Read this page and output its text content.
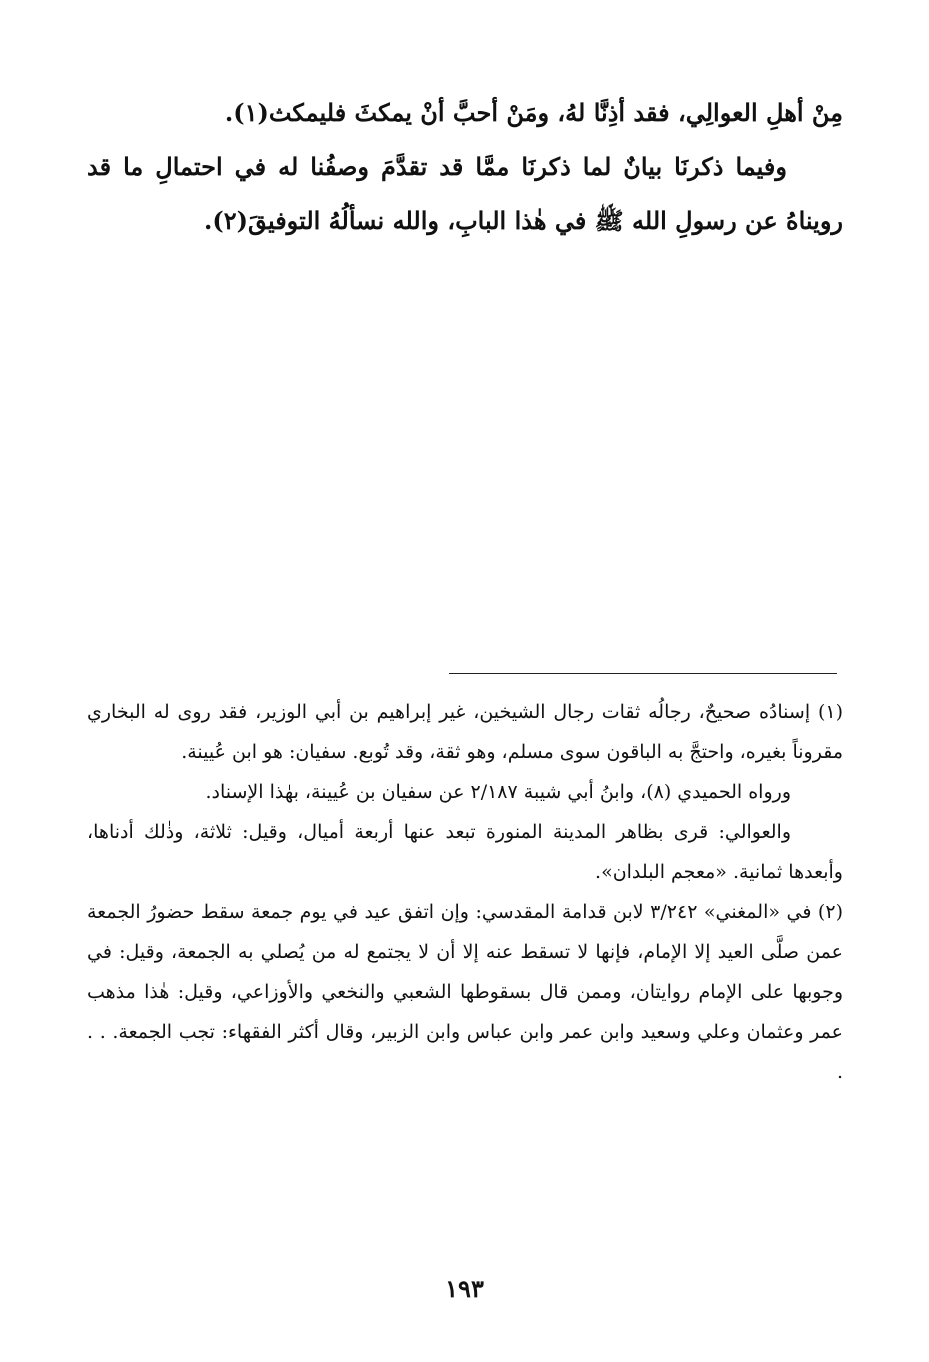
مِنْ أهلِ العوالِي، فقد أذِنَّا لهُ، ومَنْ أحبَّ أنْ يمكثَ فليمكث(١).

وفيما ذكرنَا بيانٌ لما ذكرنَا ممَّا قد تقدَّمَ وصفُنا له في احتمالِ ما قد رويناهُ عن رسولِ الله ﷺ في هٰذا البابِ، والله نسألُهُ التوفيقَ(٢).

(١) إسنادُه صحيحٌ، رجالُه ثقات رجال الشيخين، غير إبراهيم بن أبي الوزير، فقد روى له البخاري مقروناً بغيره، واحتجَّ به الباقون سوى مسلم، وهو ثقة، وقد تُوبع. سفيان: هو ابن عُيينة.

ورواه الحميدي (٨)، وابنُ أبي شيبة ٢/١٨٧ عن سفيان بن عُيينة، بهٰذا الإسناد.

والعوالي: قرى بظاهر المدينة المنورة تبعد عنها أربعة أميال، وقيل: ثلاثة، وذٰلك أدناها، وأبعدها ثمانية. «معجم البلدان».

(٢) في «المغني» ٣/٢٤٢ لابن قدامة المقدسي: وإن اتفق عيد في يوم جمعة سقط حضورُ الجمعة عمن صلَّى العيد إلا الإمام، فإنها لا تسقط عنه إلا أن لا يجتمع له من يُصلي به الجمعة، وقيل: في وجوبها على الإمام روايتان، وممن قال بسقوطها الشعبي والنخعي والأوزاعي، وقيل: هٰذا مذهب عمر وعثمان وعلي وسعيد وابن عمر وابن عباس وابن الزبير، وقال أكثر الفقهاء: تجب الجمعة. . . .

١٩٣
